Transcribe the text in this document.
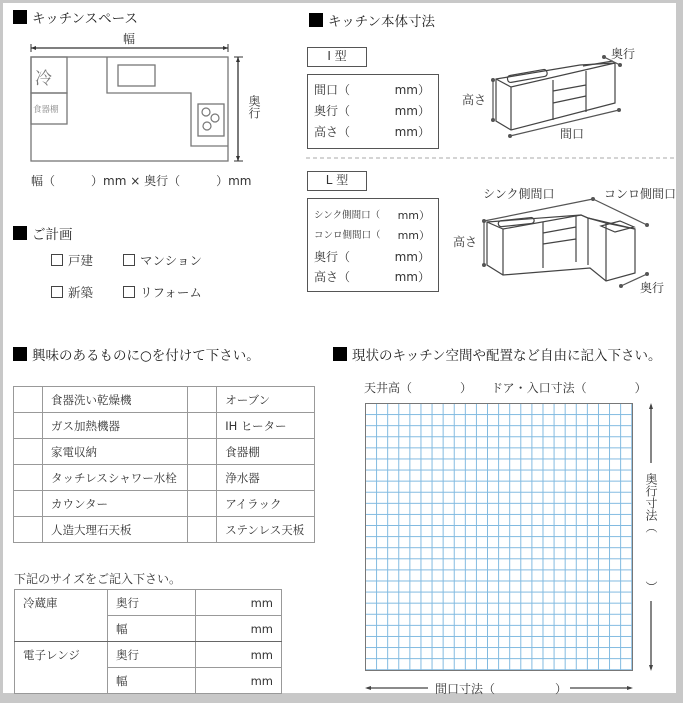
キッチンスペース
幅
冷
食器棚	奥行
幅（　　　）mm × 奥行（　　　）mm
キッチン本体寸法
I 型
間口（	mm）
奥行（	mm）
高さ（	mm）
高さ
奥行
間口
L 型
シンク側間口（ mm）
コンロ側間口（ mm）
奥行（	mm）
高さ（	mm）
シンク側間口	コンロ側間口
高さ
奥行
ご計画
戸建	マンション
新築	リフォーム
興味のあるものに○を付けて下さい。
	食器洗い乾燥機		オーブン
	ガス加熱機器		IH ヒーター
	家電収納		食器棚
	タッチレスシャワー水栓		浄水器
	カウンター		アイラック
	人造大理石天板		ステンレス天板
下記のサイズをご記入下さい。
冷蔵庫	奥行	mm
	幅	mm
電子レンジ	奥行	mm
	幅	mm
現状のキッチン空間や配置など自由に記入下さい。
天井高（　　　　） ドア・入口寸法（　　　　）
奥行寸法（
）
間口寸法（　　　　　）
